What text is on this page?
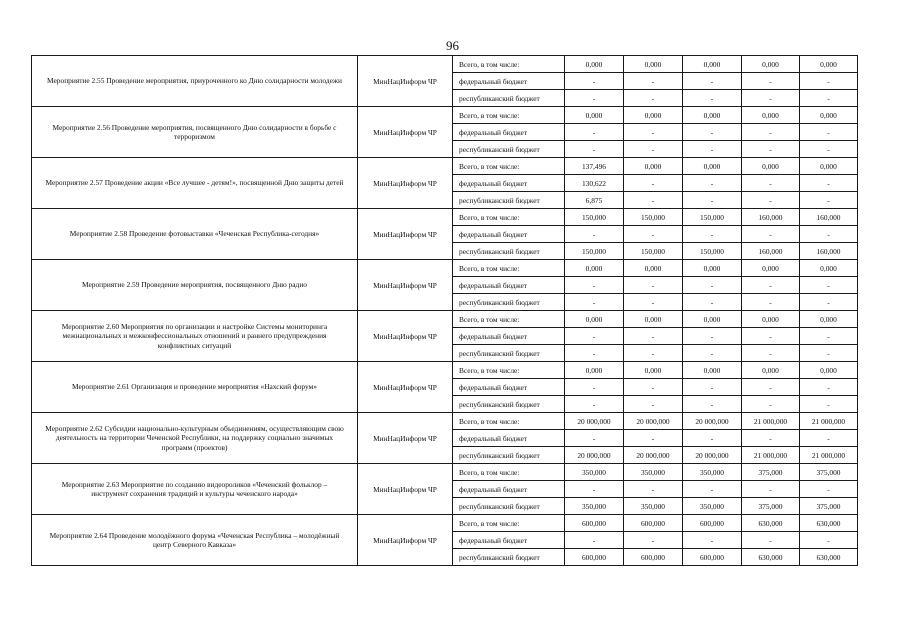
96
Мероприятие 2.55 Проведение мероприятия, приуроченного ко Дню солидарности молодежи	МинНацИнформ ЧР	Всего, в том числе:	0,000	0,000	0,000	0,000	0,000
		федеральный бюджет	-	-	-	-	-
		республиканский бюджет	-	-	-	-	-
Мероприятие 2.56 Проведение мероприятия, посвященного Дню солидарности в борьбе с терроризмом	МинНацИнформ ЧР	Всего, в том числе:	0,000	0,000	0,000	0,000	0,000
		федеральный бюджет	-	-	-	-	-
		республиканский бюджет	-	-	-	-	-
Мероприятие 2.57 Проведение акции «Все лучшее - детям!», посвященной Дню защиты детей	МинНацИнформ ЧР	Всего, в том числе:	137,496	0,000	0,000	0,000	0,000
		федеральный бюджет	130,622	-	-	-	-
		республиканский бюджет	6,875	-	-	-	-
Мероприятие 2.58 Проведение фотовыставки «Чеченская Республика-сегодня»	МинНацИнформ ЧР	Всего, в том числе:	150,000	150,000	150,000	160,000	160,000
		федеральный бюджет	-	-	-	-	-
		республиканский бюджет	150,000	150,000	150,000	160,000	160,000
Мероприятие 2.59 Проведение мероприятия, посвященного Дню радио	МинНацИнформ ЧР	Всего, в том числе:	0,000	0,000	0,000	0,000	0,000
		федеральный бюджет	-	-	-	-	-
		республиканский бюджет	-	-	-	-	-
Мероприятие 2.60 Мероприятия по организации и настройке Системы мониторинга межнациональных и межконфессиональных отношений и раннего предупреждения конфликтных ситуаций	МинНацИнформ ЧР	Всего, в том числе:	0,000	0,000	0,000	0,000	0,000
		федеральный бюджет	-	-	-	-	-
		республиканский бюджет	-	-	-	-	-
Мероприятие 2.61 Организация и проведение мероприятия «Нахский форум»	МинНацИнформ ЧР	Всего, в том числе:	0,000	0,000	0,000	0,000	0,000
		федеральный бюджет	-	-	-	-	-
		республиканский бюджет	-	-	-	-	-
Мероприятие 2.62 Субсидии национально-культурным объединениям, осуществляющим свою деятельность на территории Чеченской Республики, на поддержку социально значимых программ (проектов)	МинНацИнформ ЧР	Всего, в том числе:	20 000,000	20 000,000	20 000,000	21 000,000	21 000,000
		федеральный бюджет	-	-	-	-	-
		республиканский бюджет	20 000,000	20 000,000	20 000,000	21 000,000	21 000,000
Мероприятие 2.63 Мероприятие по созданию видеороликов «Чеченский фольклор – инструмент сохранения традиций и культуры чеченского народа»	МинНацИнформ ЧР	Всего, в том числе:	350,000	350,000	350,000	375,000	375,000
		федеральный бюджет	-	-	-	-	-
		республиканский бюджет	350,000	350,000	350,000	375,000	375,000
Мероприятие 2.64 Проведение молодёжного форума «Чеченская Республика – молодёжный центр Северного Кавказа»	МинНацИнформ ЧР	Всего, в том числе:	600,000	600,000	600,000	630,000	630,000
		федеральный бюджет	-	-	-	-	-
		республиканский бюджет	600,000	600,000	600,000	630,000	630,000
